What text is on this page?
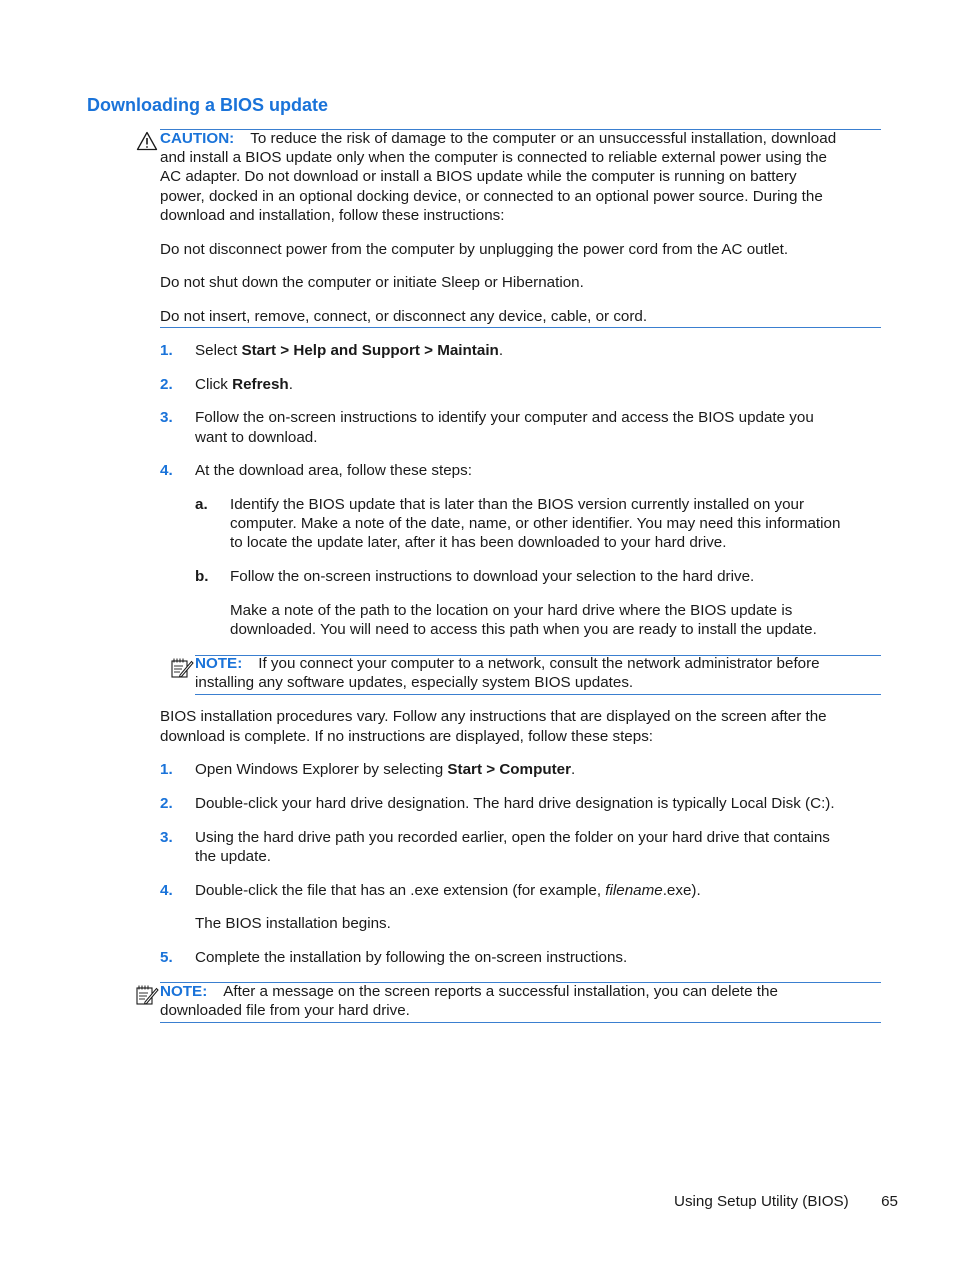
Downloading a BIOS update
CAUTION: To reduce the risk of damage to the computer or an unsuccessful installation, download
and install a BIOS update only when the computer is connected to reliable external power using the
AC adapter. Do not download or install a BIOS update while the computer is running on battery
power, docked in an optional docking device, or connected to an optional power source. During the
download and installation, follow these instructions:
Do not disconnect power from the computer by unplugging the power cord from the AC outlet.
Do not shut down the computer or initiate Sleep or Hibernation.
Do not insert, remove, connect, or disconnect any device, cable, or cord.
1. Select Start > Help and Support > Maintain.
2. Click Refresh.
3. Follow the on-screen instructions to identify your computer and access the BIOS update you
want to download.
4. At the download area, follow these steps:
a. Identify the BIOS update that is later than the BIOS version currently installed on your
computer. Make a note of the date, name, or other identifier. You may need this information
to locate the update later, after it has been downloaded to your hard drive.
b. Follow the on-screen instructions to download your selection to the hard drive.
Make a note of the path to the location on your hard drive where the BIOS update is
downloaded. You will need to access this path when you are ready to install the update.
NOTE: If you connect your computer to a network, consult the network administrator before
installing any software updates, especially system BIOS updates.
BIOS installation procedures vary. Follow any instructions that are displayed on the screen after the
download is complete. If no instructions are displayed, follow these steps:
1. Open Windows Explorer by selecting Start > Computer.
2. Double-click your hard drive designation. The hard drive designation is typically Local Disk (C:).
3. Using the hard drive path you recorded earlier, open the folder on your hard drive that contains
the update.
4. Double-click the file that has an .exe extension (for example, filename.exe).
The BIOS installation begins.
5. Complete the installation by following the on-screen instructions.
NOTE: After a message on the screen reports a successful installation, you can delete the
downloaded file from your hard drive.
Using Setup Utility (BIOS) 65
